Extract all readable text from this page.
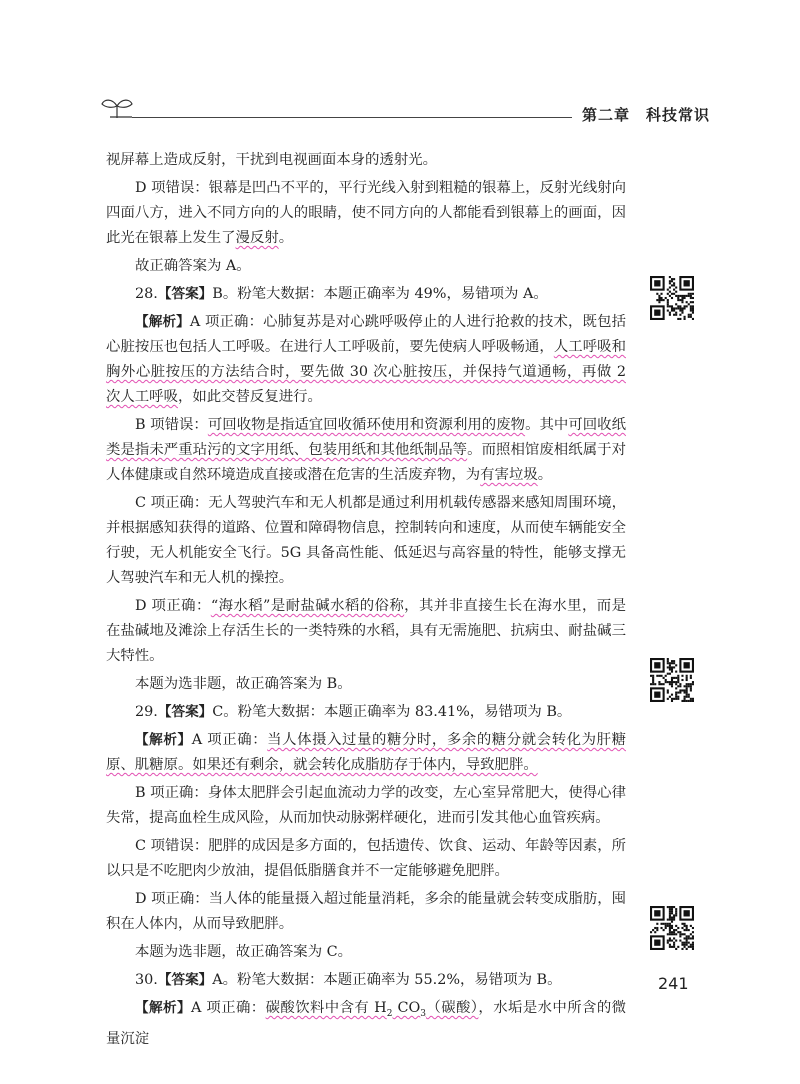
第二章 科技常识

视屏幕上造成反射，干扰到电视画面本身的透射光。

D 项错误：银幕是凹凸不平的，平行光线入射到粗糙的银幕上，反射光线射向四面八方，进入不同方向的人的眼睛，使不同方向的人都能看到银幕上的画面，因此光在银幕上发生了漫反射。

故正确答案为 A。

28.【答案】B。粉笔大数据：本题正确率为 49%，易错项为 A。

【解析】A 项正确：心肺复苏是对心跳呼吸停止的人进行抢救的技术，既包括心脏按压也包括人工呼吸。在进行人工呼吸前，要先使病人呼吸畅通，人工呼吸和胸外心脏按压的方法结合时，要先做 30 次心脏按压，并保持气道通畅，再做 2 次人工呼吸，如此交替反复进行。

B 项错误：可回收物是指适宜回收循环使用和资源利用的废物。其中可回收纸类是指未严重玷污的文字用纸、包装用纸和其他纸制品等。而照相馆废相纸属于对人体健康或自然环境造成直接或潜在危害的生活废弃物，为有害垃圾。

C 项正确：无人驾驶汽车和无人机都是通过利用机载传感器来感知周围环境，并根据感知获得的道路、位置和障碍物信息，控制转向和速度，从而使车辆能安全行驶，无人机能安全飞行。5G 具备高性能、低延迟与高容量的特性，能够支撑无人驾驶汽车和无人机的操控。

D 项正确：“海水稻”是耐盐碱水稻的俗称，其并非直接生长在海水里，而是在盐碱地及滩涂上存活生长的一类特殊的水稻，具有无需施肥、抗病虫、耐盐碱三大特性。

本题为选非题，故正确答案为 B。

29.【答案】C。粉笔大数据：本题正确率为 83.41%，易错项为 B。

【解析】A 项正确：当人体摄入过量的糖分时，多余的糖分就会转化为肝糖原、肌糖原。如果还有剩余，就会转化成脂肪存于体内，导致肥胖。

B 项正确：身体太肥胖会引起血流动力学的改变，左心室异常肥大，使得心律失常，提高血栓生成风险，从而加快动脉粥样硬化，进而引发其他心血管疾病。

C 项错误：肥胖的成因是多方面的，包括遗传、饮食、运动、年龄等因素，所以只是不吃肥肉少放油，提倡低脂膳食并不一定能够避免肥胖。

D 项正确：当人体的能量摄入超过能量消耗，多余的能量就会转变成脂肪，囤积在人体内，从而导致肥胖。

本题为选非题，故正确答案为 C。

30.【答案】A。粉笔大数据：本题正确率为 55.2%，易错项为 B。

【解析】A 项正确：碳酸饮料中含有 $H_2$ $CO_3$（碳酸），水垢是水中所含的微量沉淀

241
